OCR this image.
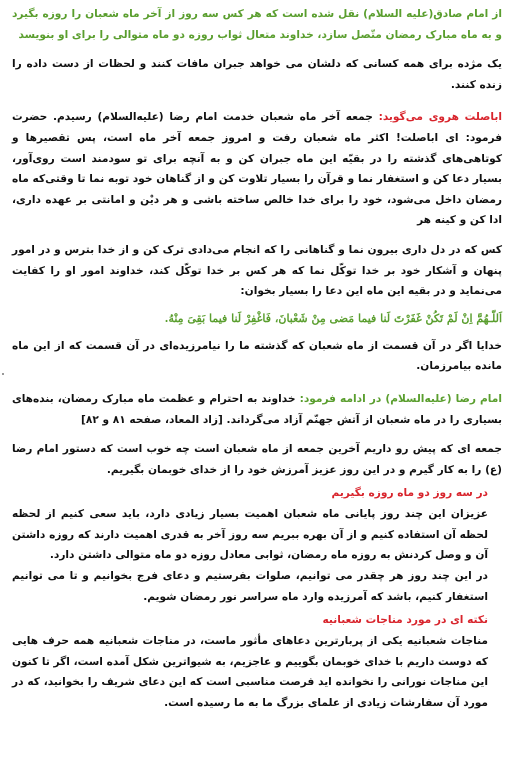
از امام صادق(علیه السلام) نقل شده است که هر کس سه روز از آخر ماه شعبان را روزه بگیرد و به ماه مبارک رمضان متّصل سازد، خداوند متعال ثواب روزه دو ماه متوالی را برای او بنویسد

یک مژده برای همه کسانی که دلشان می خواهد جبران مافات کنند و لحظات از دست داده را زنده کنند.

اباصلت هروی می‌گوید: جمعه آخر ماه شعبان خدمت امام رضا (علیه‌السلام) رسیدم. حضرت فرمود: ای اباصلت! اکثر ماه شعبان رفت و امروز جمعه آخر ماه است، پس تقصیرها و کوتاهی‌های گذشته را در بقیّه این ماه جبران کن و به آنچه برای تو سودمند است روی‌آور، بسیار دعا کن و استغفار نما و قرآن را بسیار تلاوت کن و از گناهان خود توبه نما تا وقتی‌که ماه رمضان داخل می‌شود، خود را برای خدا خالص ساخته باشی و هر دیْن و امانتی بر عهده داری، ادا کن و کینه هر

کس که در دل داری بیرون نما و گناهانی را که انجام می‌دادی ترک کن و از خدا بترس و در امور پنهان و آشکار خود بر خدا توکّل نما که هر کس بر خدا توکّل کند، خداوند امور او را کفایت می‌نماید و در بقیه این ماه این دعا را بسیار بخوان:

اَللّـهُمَّ اِنْ لَمْ تَكُنْ غَفَرْتَ لَنا فیما مَضی مِنْ شَعْبانَ، فَاغْفِرْ لَنا فیما بَقِیَ مِنْهُ.

خدایا اگر در آن قسمت از ماه شعبان که گذشته ما را نیامرزیده‌ای در آن قسمت که از این ماه مانده بیامرزمان.

امام رضا (علیه‌السلام) در ادامه فرمود: خداوند به احترام و عظمت ماه مبارک رمضان، بنده‌های بسیاری را در ماه شعبان از آتش جهنّم آزاد می‌گرداند. [زاد المعاد، صفحه ۸۱ و ۸۲]

جمعه ای که پیش رو داریم آخرین جمعه از ماه شعبان است چه خوب است که دستور امام رضا (ع) را به کار گیرم و در این روز عزیز آمرزش خود را از خدای خوبمان بگیریم.

در سه روز دو ماه روزه بگیریم

عزیزان این چند روز پایانی ماه شعبان اهمیت بسیار زیادی دارد، باید سعی کنیم از لحظه لحظه آن استفاده کنیم و از آن بهره ببریم سه روز آخر به قدری اهمیت دارند که روزه داشتن آن و وصل کردنش به روزه ماه رمضان، ثوابی معادل روزه دو ماه متوالی داشتن دارد.

در این چند روز هر چقدر می توانیم، صلوات بفرستیم و دعای فرج بخوانیم و تا می توانیم استغفار کنیم، باشد که آمرزیده وارد ماه سراسر نور رمضان شویم.

نکته ای در مورد مناجات شعبانیه

مناجات شعبانیه یکی از پربارترین دعاهای مأثور ماست، در مناجات شعبانیه همه حرف هایی که دوست داریم با خدای خوبمان بگوییم و عاجزیم، به شیواترین شکل آمده است، اگر تا کنون این مناجات نورانی را نخوانده اید فرصت مناسبی است که این دعای شریف را بخوانید، که در مورد آن سفارشات زیادی از علمای بزرگ ما به ما رسیده است.
